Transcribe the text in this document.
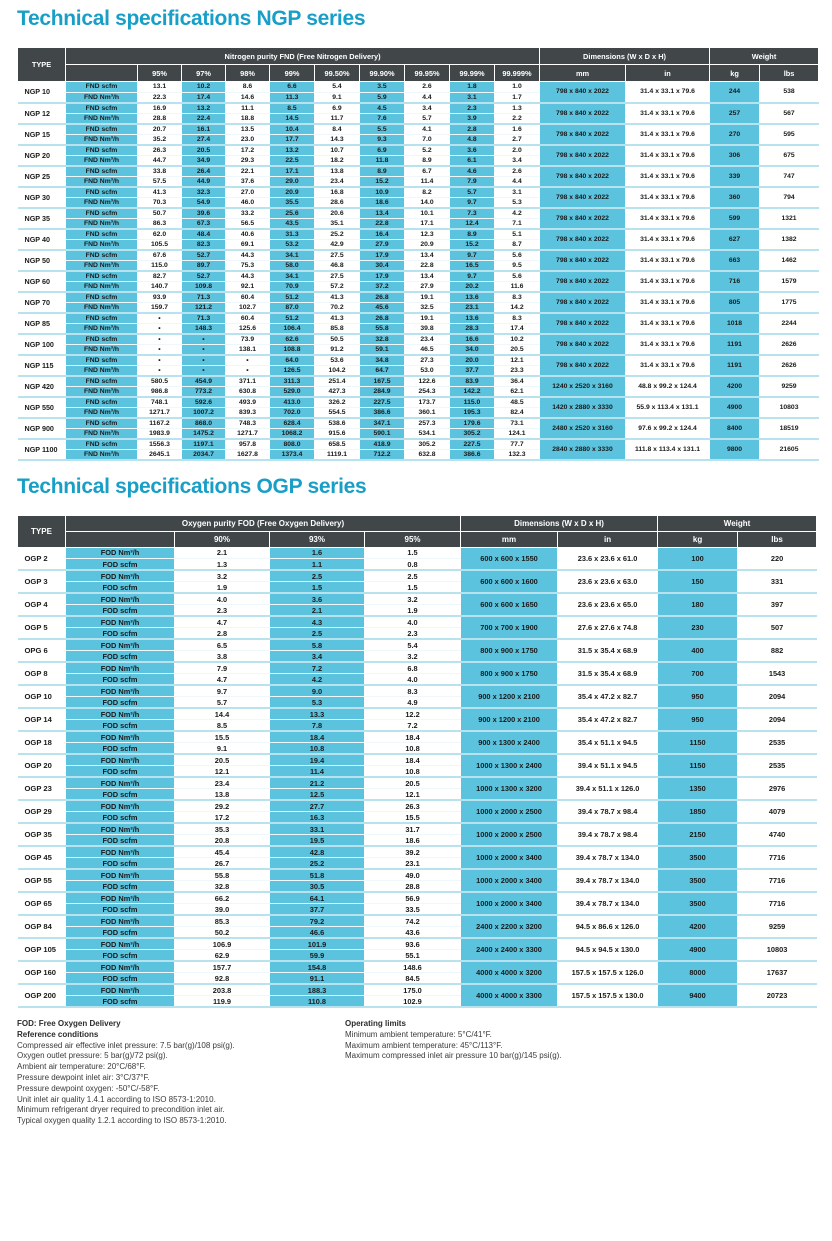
Technical specifications NGP series
TYPE	Nitrogen purity FND (Free Nitrogen Delivery)										Dimensions (W x D x H)		Weight	
		95%	97%	98%	99%	99.50%	99.90%	99.95%	99.99%	99.999%	mm	in	kg	lbs
NGP 10	FND scfm	13.1	10.2	8.6	6.6	5.4	3.5	2.6	1.8	1.0	798 x 840 x 2022	31.4 x 33.1 x 79.6	244	538
	FND Nm³/h	22.3	17.4	14.6	11.3	9.1	5.9	4.4	3.1	1.7				
NGP 12	FND scfm	16.9	13.2	11.1	8.5	6.9	4.5	3.4	2.3	1.3	798 x 840 x 2022	31.4 x 33.1 x 79.6	257	567
	FND Nm³/h	28.8	22.4	18.8	14.5	11.7	7.6	5.7	3.9	2.2				
NGP 15	FND scfm	20.7	16.1	13.5	10.4	8.4	5.5	4.1	2.8	1.6	798 x 840 x 2022	31.4 x 33.1 x 79.6	270	595
	FND Nm³/h	35.2	27.4	23.0	17.7	14.3	9.3	7.0	4.8	2.7				
NGP 20	FND scfm	26.3	20.5	17.2	13.2	10.7	6.9	5.2	3.6	2.0	798 x 840 x 2022	31.4 x 33.1 x 79.6	306	675
	FND Nm³/h	44.7	34.9	29.3	22.5	18.2	11.8	8.9	6.1	3.4				
NGP 25	FND scfm	33.8	26.4	22.1	17.1	13.8	8.9	6.7	4.6	2.6	798 x 840 x 2022	31.4 x 33.1 x 79.6	339	747
	FND Nm³/h	57.5	44.9	37.6	29.0	23.4	15.2	11.4	7.9	4.4				
NGP 30	FND scfm	41.3	32.3	27.0	20.9	16.8	10.9	8.2	5.7	3.1	798 x 840 x 2022	31.4 x 33.1 x 79.6	360	794
	FND Nm³/h	70.3	54.9	46.0	35.5	28.6	18.6	14.0	9.7	5.3				
NGP 35	FND scfm	50.7	39.6	33.2	25.6	20.6	13.4	10.1	7.3	4.2	798 x 840 x 2022	31.4 x 33.1 x 79.6	599	1321
	FND Nm³/h	86.3	67.3	56.5	43.5	35.1	22.8	17.1	12.4	7.1				
NGP 40	FND scfm	62.0	48.4	40.6	31.3	25.2	16.4	12.3	8.9	5.1	798 x 840 x 2022	31.4 x 33.1 x 79.6	627	1382
	FND Nm³/h	105.5	82.3	69.1	53.2	42.9	27.9	20.9	15.2	8.7				
NGP 50	FND scfm	67.6	52.7	44.3	34.1	27.5	17.9	13.4	9.7	5.6	798 x 840 x 2022	31.4 x 33.1 x 79.6	663	1462
	FND Nm³/h	115.0	89.7	75.3	58.0	46.8	30.4	22.8	16.5	9.5				
NGP 60	FND scfm	82.7	52.7	44.3	34.1	27.5	17.9	13.4	9.7	5.6	798 x 840 x 2022	31.4 x 33.1 x 79.6	716	1579
	FND Nm³/h	140.7	109.8	92.1	70.9	57.2	37.2	27.9	20.2	11.6				
NGP 70	FND scfm	93.9	71.3	60.4	51.2	41.3	26.8	19.1	13.6	8.3	798 x 840 x 2022	31.4 x 33.1 x 79.6	805	1775
	FND Nm³/h	159.7	121.2	102.7	87.0	70.2	45.6	32.5	23.1	14.2				
NGP 85	FND scfm	•	71.3	60.4	51.2	41.3	26.8	19.1	13.6	8.3	798 x 840 x 2022	31.4 x 33.1 x 79.6	1018	2244
	FND Nm³/h	•	148.3	125.6	106.4	85.8	55.8	39.8	28.3	17.4				
NGP 100	FND scfm	•	•	73.9	62.6	50.5	32.8	23.4	16.6	10.2	798 x 840 x 2022	31.4 x 33.1 x 79.6	1191	2626
	FND Nm³/h	•	•	138.1	108.8	91.2	59.1	46.5	34.0	20.5				
NGP 115	FND scfm	•	•	•	64.0	53.6	34.8	27.3	20.0	12.1	798 x 840 x 2022	31.4 x 33.1 x 79.6	1191	2626
	FND Nm³/h	•	•	•	126.5	104.2	64.7	53.0	37.7	23.3				
NGP 420	FND scfm	580.5	454.9	371.1	311.3	251.4	167.5	122.6	83.9	36.4	1240 x 2520 x 3160	48.8 x 99.2 x 124.4	4200	9259
	FND Nm³/h	986.8	773.2	630.8	529.0	427.3	284.9	254.3	142.2	62.1				
NGP 550	FND scfm	748.1	592.6	493.9	413.0	326.2	227.5	173.7	115.0	48.5	1420 x 2880 x 3330	55.9 x 113.4 x 131.1	4900	10803
	FND Nm³/h	1271.7	1007.2	839.3	702.0	554.5	386.6	360.1	195.3	82.4				
NGP 900	FND scfm	1167.2	868.0	748.3	628.4	538.6	347.1	257.3	179.6	73.1	2480 x 2520 x 3160	97.6 x 99.2 x 124.4	8400	18519
	FND Nm³/h	1983.9	1475.2	1271.7	1068.2	915.6	590.1	534.1	305.2	124.1				
NGP 1100	FND scfm	1556.3	1197.1	957.8	808.0	658.5	418.9	305.2	227.5	77.7	2840 x 2880 x 3330	111.8 x 113.4 x 131.1	9800	21605
	FND Nm³/h	2645.1	2034.7	1627.8	1373.4	1119.1	712.2	632.8	386.6	132.3				
Technical specifications OGP series
TYPE	Oxygen purity FOD (Free Oxygen Delivery)				Dimensions (W x D x H)		Weight	
		90%	93%	95%	mm	in	kg	lbs
OGP 2	FOD Nm³/h	2.1	1.6	1.5	600 x 600 x 1550	23.6 x 23.6 x 61.0	100	220
	FOD scfm	1.3	1.1	0.8				
OGP 3	FOD Nm³/h	3.2	2.5	2.5	600 x 600 x 1600	23.6 x 23.6 x 63.0	150	331
	FOD scfm	1.9	1.5	1.5				
OGP 4	FOD Nm³/h	4.0	3.6	3.2	600 x 600 x 1650	23.6 x 23.6 x 65.0	180	397
	FOD scfm	2.3	2.1	1.9				
OGP 5	FOD Nm³/h	4.7	4.3	4.0	700 x 700 x 1900	27.6 x 27.6 x 74.8	230	507
	FOD scfm	2.8	2.5	2.3				
OPG 6	FOD Nm³/h	6.5	5.8	5.4	800 x 900 x 1750	31.5 x 35.4 x 68.9	400	882
	FOD scfm	3.8	3.4	3.2				
OGP 8	FOD Nm³/h	7.9	7.2	6.8	800 x 900 x 1750	31.5 x 35.4 x 68.9	700	1543
	FOD scfm	4.7	4.2	4.0				
OGP 10	FOD Nm³/h	9.7	9.0	8.3	900 x 1200 x 2100	35.4 x 47.2 x 82.7	950	2094
	FOD scfm	5.7	5.3	4.9				
OGP 14	FOD Nm³/h	14.4	13.3	12.2	900 x 1200 x 2100	35.4 x 47.2 x 82.7	950	2094
	FOD scfm	8.5	7.8	7.2				
OGP 18	FOD Nm³/h	15.5	18.4	18.4	900 x 1300 x 2400	35.4 x 51.1 x 94.5	1150	2535
	FOD scfm	9.1	10.8	10.8				
OGP 20	FOD Nm³/h	20.5	19.4	18.4	1000 x 1300 x 2400	39.4 x 51.1 x 94.5	1150	2535
	FOD scfm	12.1	11.4	10.8				
OGP 23	FOD Nm³/h	23.4	21.2	20.5	1000 x 1300 x 3200	39.4 x 51.1 x 126.0	1350	2976
	FOD scfm	13.8	12.5	12.1				
OGP 29	FOD Nm³/h	29.2	27.7	26.3	1000 x 2000 x 2500	39.4 x 78.7 x 98.4	1850	4079
	FOD scfm	17.2	16.3	15.5				
OGP 35	FOD Nm³/h	35.3	33.1	31.7	1000 x 2000 x 2500	39.4 x 78.7 x 98.4	2150	4740
	FOD scfm	20.8	19.5	18.6				
OGP 45	FOD Nm³/h	45.4	42.8	39.2	1000 x 2000 x 3400	39.4 x 78.7 x 134.0	3500	7716
	FOD scfm	26.7	25.2	23.1				
OGP 55	FOD Nm³/h	55.8	51.8	49.0	1000 x 2000 x 3400	39.4 x 78.7 x 134.0	3500	7716
	FOD scfm	32.8	30.5	28.8				
OGP 65	FOD Nm³/h	66.2	64.1	56.9	1000 x 2000 x 3400	39.4 x 78.7 x 134.0	3500	7716
	FOD scfm	39.0	37.7	33.5				
OGP 84	FOD Nm³/h	85.3	79.2	74.2	2400 x 2200 x 3200	94.5 x 86.6 x 126.0	4200	9259
	FOD scfm	50.2	46.6	43.6				
OGP 105	FOD Nm³/h	106.9	101.9	93.6	2400 x 2400 x 3300	94.5 x 94.5 x 130.0	4900	10803
	FOD scfm	62.9	59.9	55.1				
OGP 160	FOD Nm³/h	157.7	154.8	148.6	4000 x 4000 x 3200	157.5 x 157.5 x 126.0	8000	17637
	FOD scfm	92.8	91.1	84.5				
OGP 200	FOD Nm³/h	203.8	188.3	175.0	4000 x 4000 x 3300	157.5 x 157.5 x 130.0	9400	20723
	FOD scfm	119.9	110.8	102.9				
FOD: Free Oxygen Delivery
Reference conditions
Compressed air effective inlet pressure: 7.5 bar(g)/108 psi(g).
Oxygen outlet pressure: 5 bar(g)/72 psi(g).
Ambient air temperature: 20°C/68°F.
Pressure dewpoint inlet air: 3°C/37°F.
Pressure dewpoint oxygen: -50°C/-58°F.
Unit inlet air quality 1.4.1 according to ISO 8573-1:2010.
Minimum refrigerant dryer required to precondition inlet air.
Typical oxygen quality 1.2.1 according to ISO 8573-1:2010.
Operating limits
Minimum ambient temperature: 5°C/41°F.
Maximum ambient temperature: 45°C/113°F.
Maximum compressed inlet air pressure 10 bar(g)/145 psi(g).
